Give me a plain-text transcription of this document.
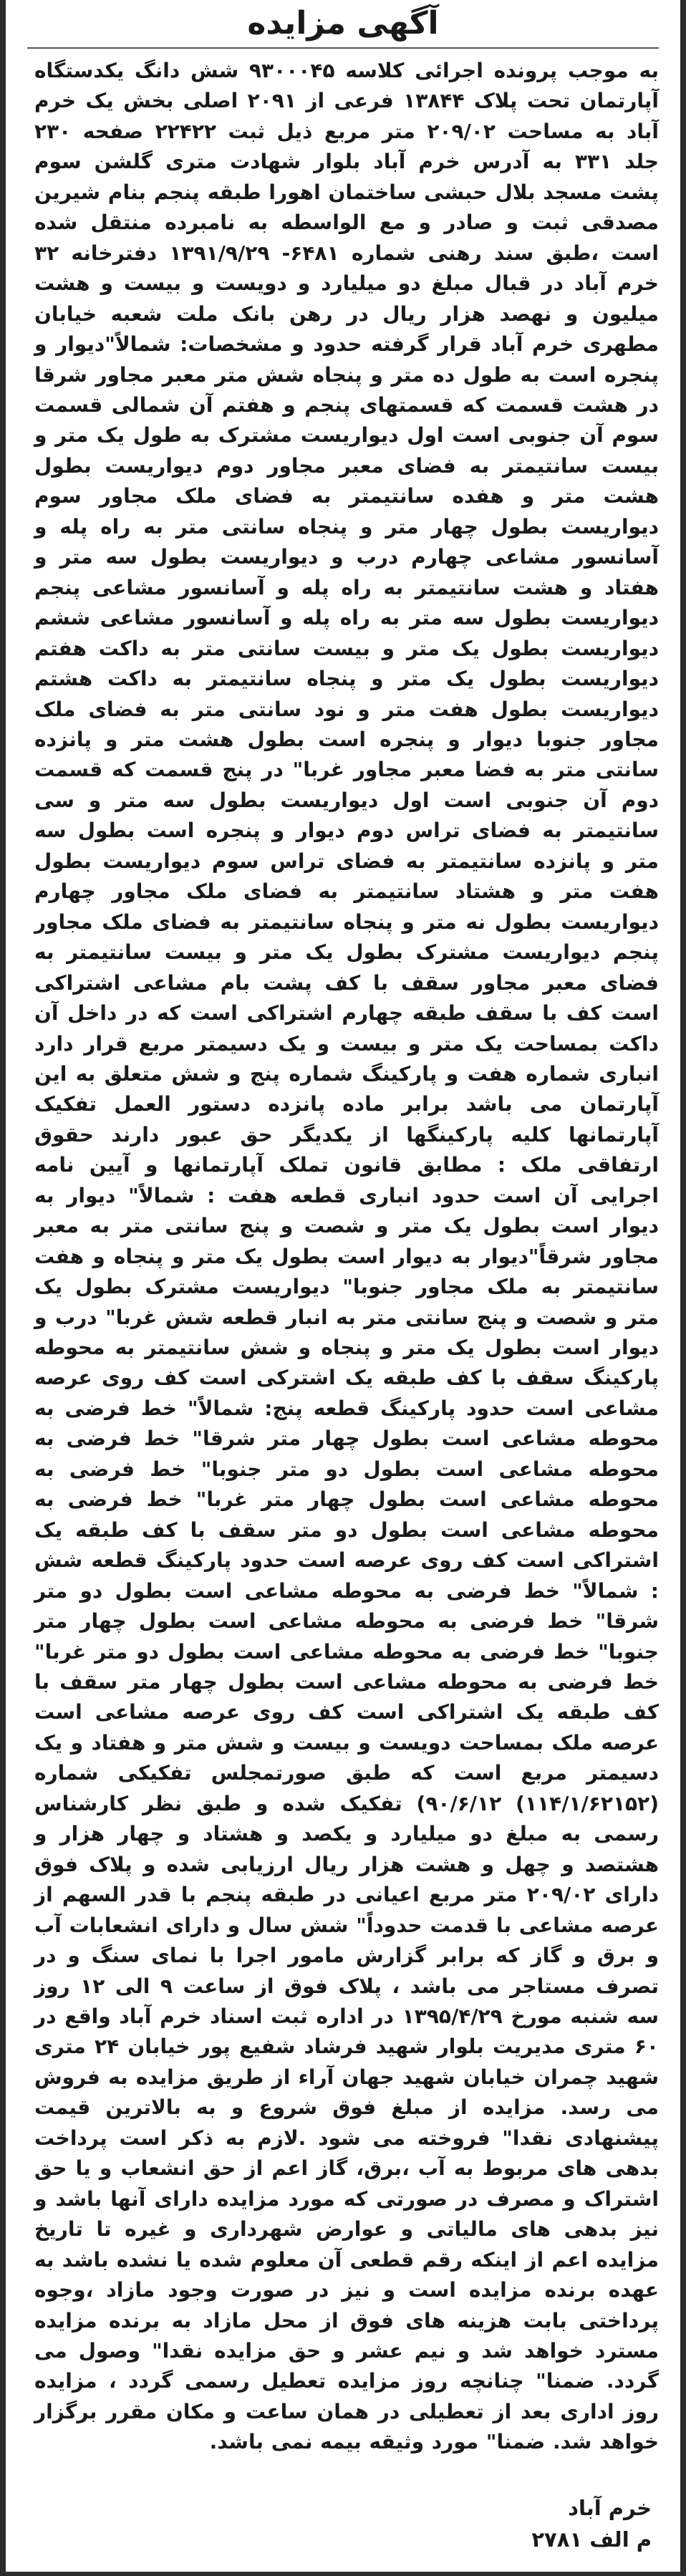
آگهی مزایده
به موجب پرونده اجرائی کلاسه ۹۳۰۰۰۴۵ شش دانگ یکدستگاه آپارتمان تحت پلاک ۱۳۸۴۴ فرعی از ۲۰۹۱ اصلی بخش یک خرم آباد به مساحت ۲۰۹/۰۲ متر مربع ذیل ثبت ۲۲۴۲۲ صفحه ۲۳۰ جلد ۳۳۱ به آدرس خرم آباد بلوار شهادت متری گلشن سوم پشت مسجد بلال حبشی ساختمان اهورا طبقه پنجم بنام شیرین مصدقی ثبت و صادر و مع الواسطه به نامبرده منتقل شده است ،طبق سند رهنی شماره ۶۴۸۱- ۱۳۹۱/۹/۲۹ دفترخانه ۳۲ خرم آباد در قبال مبلغ دو میلیارد و دویست و بیست و هشت میلیون و نهصد هزار ریال در رهن بانک ملت شعبه خیابان مطهری خرم آباد قرار گرفته حدود و مشخصات: شمالاً"دیوار و پنجره است به طول ده متر و پنجاه شش متر معبر مجاور شرقا در هشت قسمت که قسمتهای پنجم و هفتم آن شمالی قسمت سوم آن جنوبی است اول دیواریست مشترک به طول یک متر و بیست سانتیمتر به فضای معبر مجاور دوم دیواریست بطول هشت متر و هفده سانتیمتر به فضای ملک مجاور سوم دیواریست بطول چهار متر و پنجاه سانتی متر به راه پله و آسانسور مشاعی چهارم درب و دیواریست بطول سه متر و هفتاد و هشت سانتیمتر به راه پله و آسانسور مشاعی پنجم دیواریست بطول سه متر به راه پله و آسانسور مشاعی ششم دیواریست بطول یک متر و بیست سانتی متر به داکت هفتم دیواریست بطول یک متر و پنجاه سانتیمتر به داکت هشتم دیواریست بطول هفت متر و نود سانتی متر به فضای ملک مجاور جنوبا دیوار و پنجره است بطول هشت متر و پانزده سانتی متر به فضا معبر مجاور غربا" در پنج قسمت که قسمت دوم آن جنوبی است اول دیواریست بطول سه متر و سی سانتیمتر به فضای تراس دوم دیوار و پنجره است بطول سه متر و پانزده سانتیمتر به فضای تراس سوم دیواریست بطول هفت متر و هشتاد سانتیمتر به فضای ملک مجاور چهارم دیواریست بطول نه متر و پنجاه سانتیمتر به فضای ملک مجاور پنجم دیواریست مشترک بطول یک متر و بیست سانتیمتر به فضای معبر مجاور سقف با کف پشت بام مشاعی اشتراکی است کف با سقف طبقه چهارم اشتراکی است که در داخل آن داکت بمساحت یک متر و بیست و یک دسیمتر مربع قرار دارد انباری شماره هفت و پارکینگ شماره پنج و شش متعلق به این آپارتمان می باشد برابر ماده پانزده دستور العمل تفکیک آپارتمانها کلیه پارکینگها از یکدیگر حق عبور دارند حقوق ارتفاقی ملک : مطابق قانون تملک آپارتمانها و آیین نامه اجرایی آن است حدود انباری قطعه هفت : شمالاً" دیوار به دیوار است بطول یک متر و شصت و پنج سانتی متر به معبر مجاور شرقاً"دیوار به دیوار است بطول یک متر و پنجاه و هفت سانتیمتر به ملک مجاور جنوبا" دیواریست مشترک بطول یک متر و شصت و پنج سانتی متر به انبار قطعه شش غربا" درب و دیوار است بطول یک متر و پنجاه و شش سانتیمتر به محوطه پارکینگ سقف با کف طبقه یک اشترکی است کف روی عرصه مشاعی است حدود پارکینگ قطعه پنج: شمالاً" خط فرضی به محوطه مشاعی است بطول چهار متر شرقا" خط فرضی به محوطه مشاعی است بطول دو متر جنوبا" خط فرضی به محوطه مشاعی است بطول چهار متر غربا" خط فرضی به محوطه مشاعی است بطول دو متر سقف با کف طبقه یک اشتراکی است کف روی عرصه است حدود پارکینگ قطعه شش : شمالاً" خط فرضی به محوطه مشاعی است بطول دو متر شرقا" خط فرضی به محوطه مشاعی است بطول چهار متر جنوبا" خط فرضی به محوطه مشاعی است بطول دو متر غربا" خط فرضی به محوطه مشاعی است بطول چهار متر سقف با کف طبقه یک اشتراکی است کف روی عرصه مشاعی است عرصه ملک بمساحت دویست و بیست و شش متر و هفتاد و یک دسیمتر مربع است که طبق صورتمجلس تفکیکی شماره (۱۱۴/۱/۶۲۱۵۲) ۹۰/۶/۱۲) تفکیک شده و طبق نظر کارشناس رسمی به مبلغ دو میلیارد و یکصد و هشتاد و چهار هزار و هشتصد و چهل و هشت هزار ریال ارزیابی شده و پلاک فوق دارای ۲۰۹/۰۲ متر مربع اعیانی در طبقه پنجم با قدر السهم از عرصه مشاعی با قدمت حدوداً" شش سال و دارای انشعابات آب و برق و گاز که برابر گزارش مامور اجرا با نمای سنگ و در تصرف مستاجر می باشد ، پلاک فوق از ساعت ۹ الی ۱۲ روز سه شنبه مورخ ۱۳۹۵/۴/۲۹ در اداره ثبت اسناد خرم آباد واقع در ۶۰ متری مدیریت بلوار شهید فرشاد شفیع پور خیابان ۲۴ متری شهید چمران خیابان شهید جهان آراء از طریق مزایده به فروش می رسد. مزایده از مبلغ فوق شروع و به بالاترین قیمت پیشنهادی نقدا" فروخته می شود .لازم به ذکر است پرداخت بدهی های مربوط به آب ،برق، گاز اعم از حق انشعاب و یا حق اشتراک و مصرف در صورتی که مورد مزایده دارای آنها باشد و نیز بدهی های مالیاتی و عوارض شهرداری و غیره تا تاریخ مزایده اعم از اینکه رقم قطعی آن معلوم شده یا نشده باشد به عهده برنده مزایده است و نیز در صورت وجود مازاد ،وجوه پرداختی بابت هزینه های فوق از محل مازاد به برنده مزایده مسترد خواهد شد و نیم عشر و حق مزایده نقدا" وصول می گردد. ضمنا" چنانچه روز مزایده تعطیل رسمی گردد ، مزایده روز اداری بعد از تعطیلی در همان ساعت و مکان مقرر برگزار خواهد شد. ضمنا" مورد وثیقه بیمه نمی باشد.
خرم آباد
م الف ۲۷۸۱
